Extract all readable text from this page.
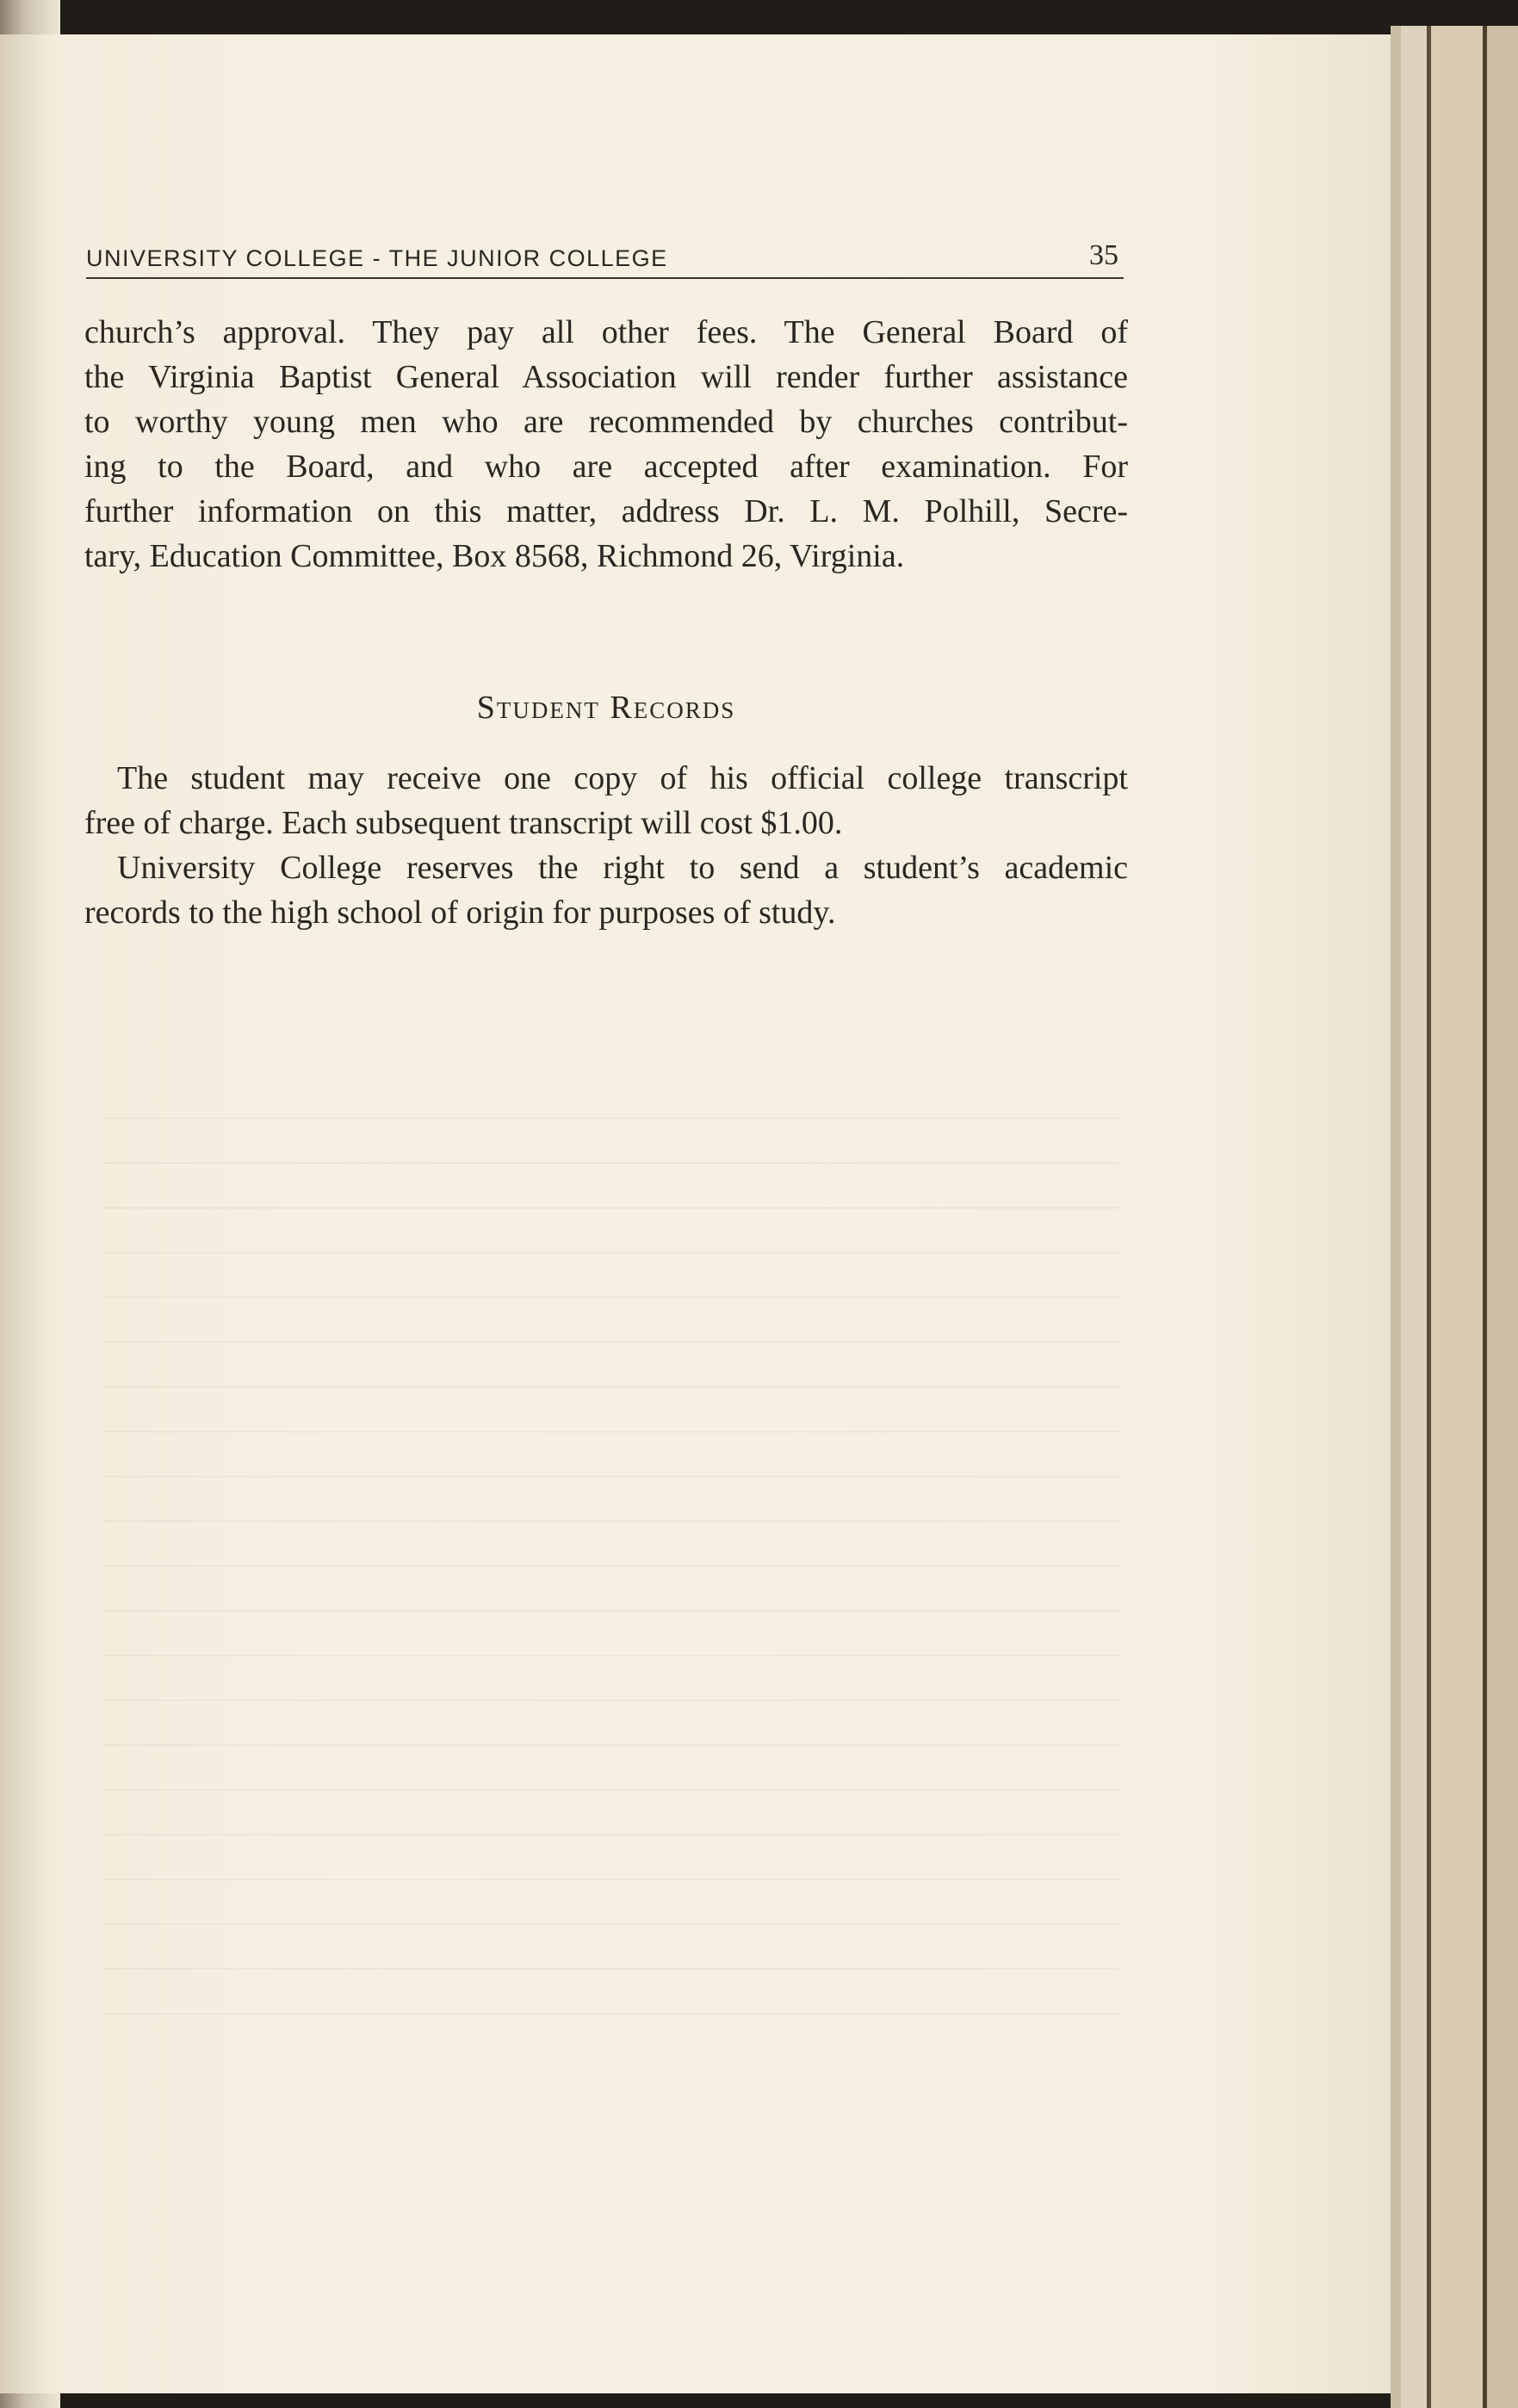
UNIVERSITY COLLEGE - THE JUNIOR COLLEGE	35
church’s approval. They pay all other fees. The General Board of
the Virginia Baptist General Association will render further assistance
to worthy young men who are recommended by churches contribut-
ing to the Board, and who are accepted after examination. For
further information on this matter, address Dr. L. M. Polhill, Secre-
tary, Education Committee, Box 8568, Richmond 26, Virginia.
Student Records
The student may receive one copy of his official college transcript
free of charge. Each subsequent transcript will cost $1.00.
University College reserves the right to send a student’s academic
records to the high school of origin for purposes of study.
